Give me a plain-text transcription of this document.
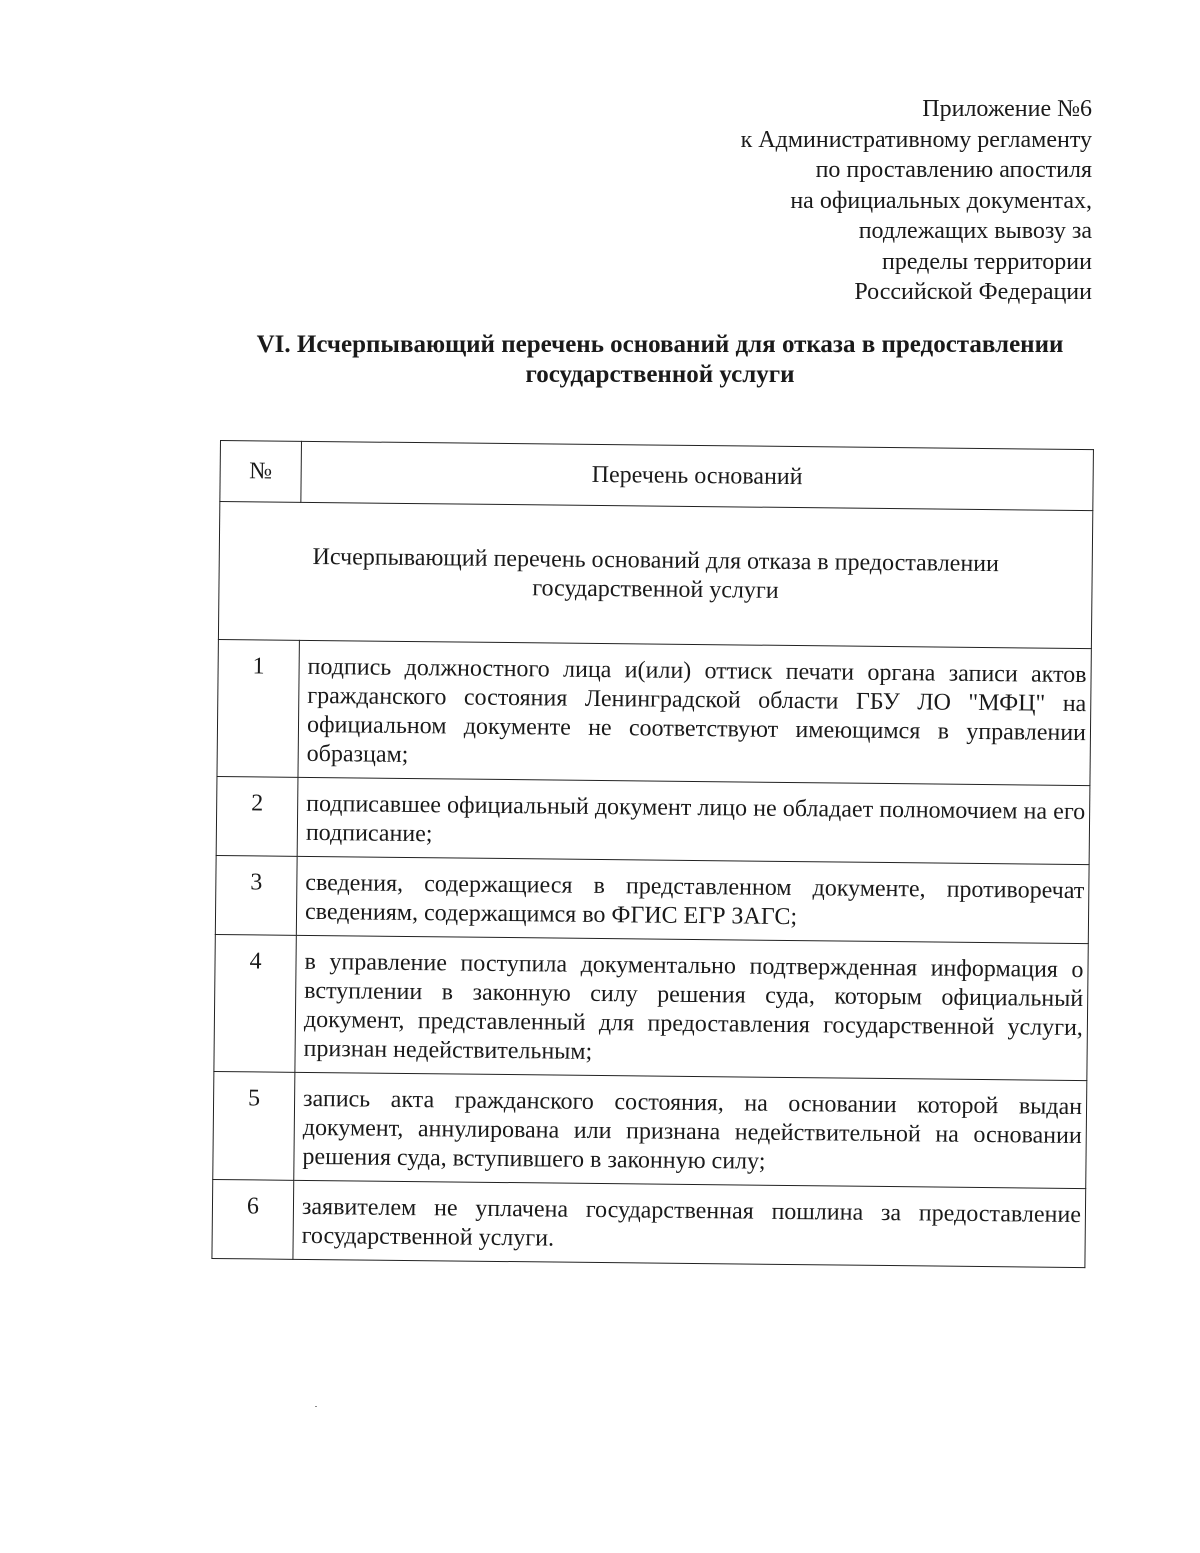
Приложение №6
к Административному регламенту
по проставлению апостиля
на официальных документах,
подлежащих вывозу за
пределы территории
Российской Федерации
VI. Исчерпывающий перечень оснований для отказа в предоставлении
государственной услуги
№	Перечень оснований

Исчерпывающий перечень оснований для отказа в предоставлении
государственной услуги	

1	подпись должностного лица и(или) оттиск печати органа записи актов гражданского состояния Ленинградской области ГБУ ЛО "МФЦ" на официальном документе не соответствуют имеющимся в управлении образцам;
2	подписавшее официальный документ лицо не обладает полномочием на его подписание;
3	сведения, содержащиеся в представленном документе, противоречат сведениям, содержащимся во ФГИС ЕГР ЗАГС;
4	в управление поступила документально подтвержденная информация о вступлении в законную силу решения суда, которым официальный документ, представленный для предоставления государственной услуги, признан недействительным;
5	запись акта гражданского состояния, на основании которой выдан документ, аннулирована или признана недействительной на основании решения суда, вступившего в законную силу;
6	заявителем не уплачена государственная пошлина за предоставление государственной услуги.
